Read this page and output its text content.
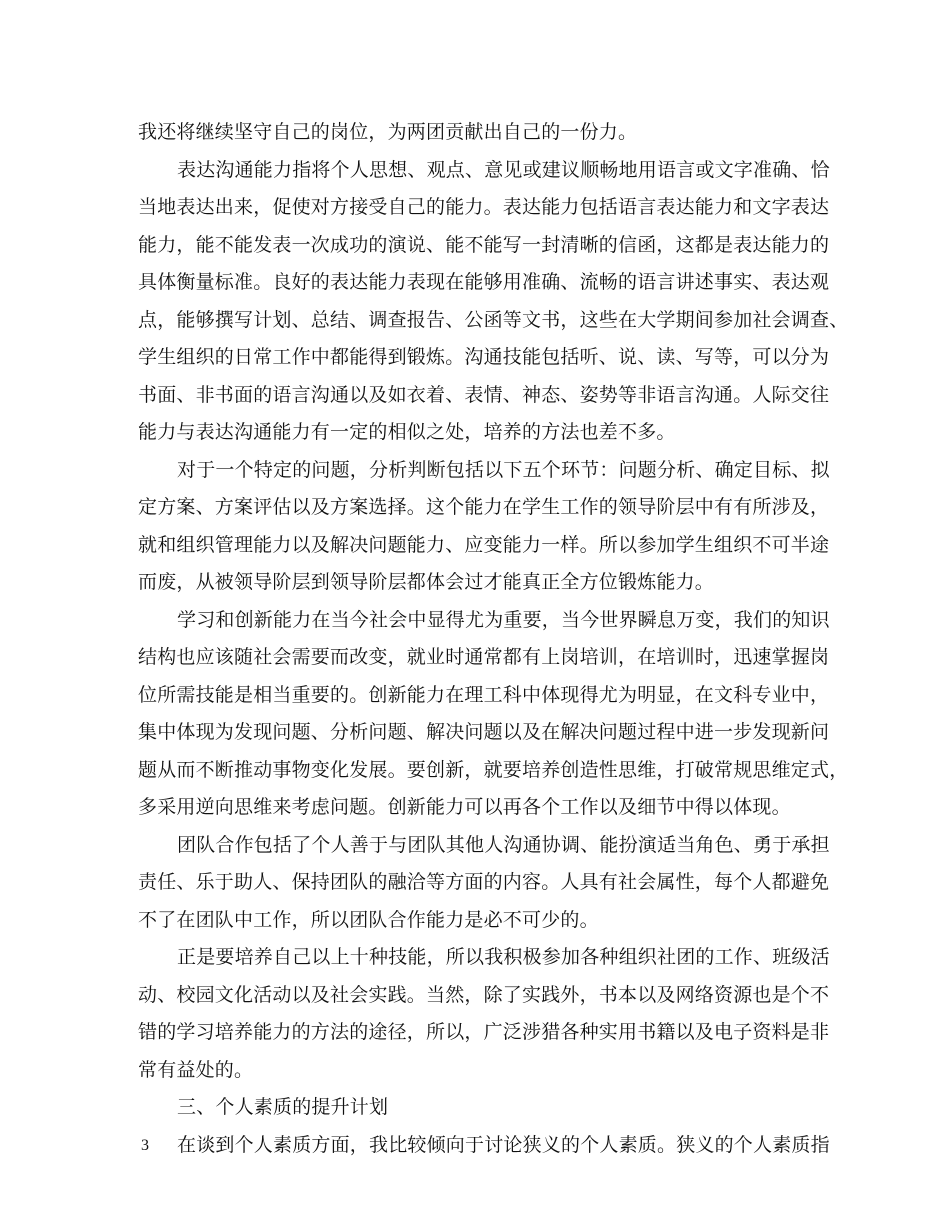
我还将继续坚守自己的岗位，为两团贡献出自己的一份力。
表达沟通能力指将个人思想、观点、意见或建议顺畅地用语言或文字准确、恰
当地表达出来，促使对方接受自己的能力。表达能力包括语言表达能力和文字表达
能力，能不能发表一次成功的演说、能不能写一封清晰的信函，这都是表达能力的
具体衡量标准。良好的表达能力表现在能够用准确、流畅的语言讲述事实、表达观
点，能够撰写计划、总结、调查报告、公函等文书，这些在大学期间参加社会调查、
学生组织的日常工作中都能得到锻炼。沟通技能包括听、说、读、写等，可以分为
书面、非书面的语言沟通以及如衣着、表情、神态、姿势等非语言沟通。人际交往
能力与表达沟通能力有一定的相似之处，培养的方法也差不多。
对于一个特定的问题，分析判断包括以下五个环节：问题分析、确定目标、拟
定方案、方案评估以及方案选择。这个能力在学生工作的领导阶层中有有所涉及，
就和组织管理能力以及解决问题能力、应变能力一样。所以参加学生组织不可半途
而废，从被领导阶层到领导阶层都体会过才能真正全方位锻炼能力。
学习和创新能力在当今社会中显得尤为重要，当今世界瞬息万变，我们的知识
结构也应该随社会需要而改变，就业时通常都有上岗培训，在培训时，迅速掌握岗
位所需技能是相当重要的。创新能力在理工科中体现得尤为明显，在文科专业中，
集中体现为发现问题、分析问题、解决问题以及在解决问题过程中进一步发现新问
题从而不断推动事物变化发展。要创新，就要培养创造性思维，打破常规思维定式，
多采用逆向思维来考虑问题。创新能力可以再各个工作以及细节中得以体现。
团队合作包括了个人善于与团队其他人沟通协调、能扮演适当角色、勇于承担
责任、乐于助人、保持团队的融洽等方面的内容。人具有社会属性，每个人都避免
不了在团队中工作，所以团队合作能力是必不可少的。
正是要培养自己以上十种技能，所以我积极参加各种组织社团的工作、班级活
动、校园文化活动以及社会实践。当然，除了实践外，书本以及网络资源也是个不
错的学习培养能力的方法的途径，所以，广泛涉猎各种实用书籍以及电子资料是非
常有益处的。
三、个人素质的提升计划
在谈到个人素质方面，我比较倾向于讨论狭义的个人素质。狭义的个人素质指
3
